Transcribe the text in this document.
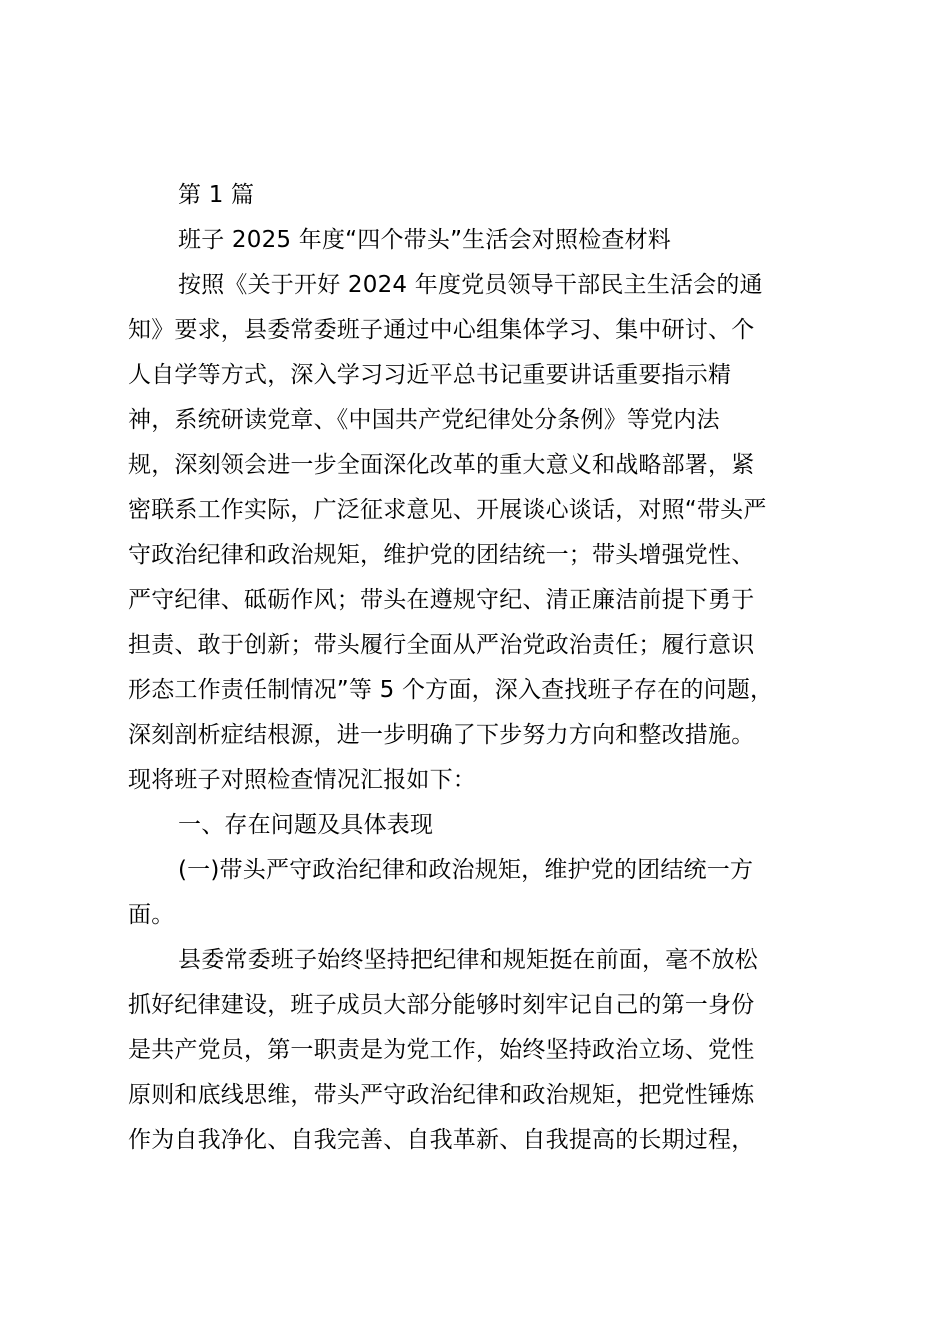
第 1 篇
班子 2025 年度“四个带头”生活会对照检查材料
按照《关于开好 2024 年度党员领导干部民主生活会的通
知》要求，县委常委班子通过中心组集体学习、集中研讨、个
人自学等方式，深入学习习近平总书记重要讲话重要指示精
神，系统研读党章、《中国共产党纪律处分条例》等党内法
规，深刻领会进一步全面深化改革的重大意义和战略部署，紧
密联系工作实际，广泛征求意见、开展谈心谈话，对照“带头严
守政治纪律和政治规矩，维护党的团结统一；带头增强党性、
严守纪律、砥砺作风；带头在遵规守纪、清正廉洁前提下勇于
担责、敢于创新；带头履行全面从严治党政治责任；履行意识
形态工作责任制情况”等 5 个方面，深入查找班子存在的问题，
深刻剖析症结根源，进一步明确了下步努力方向和整改措施。
现将班子对照检查情况汇报如下：
一、存在问题及具体表现
(一)带头严守政治纪律和政治规矩，维护党的团结统一方
面。
县委常委班子始终坚持把纪律和规矩挺在前面，毫不放松
抓好纪律建设，班子成员大部分能够时刻牢记自己的第一身份
是共产党员，第一职责是为党工作，始终坚持政治立场、党性
原则和底线思维，带头严守政治纪律和政治规矩，把党性锤炼
作为自我净化、自我完善、自我革新、自我提高的长期过程，
